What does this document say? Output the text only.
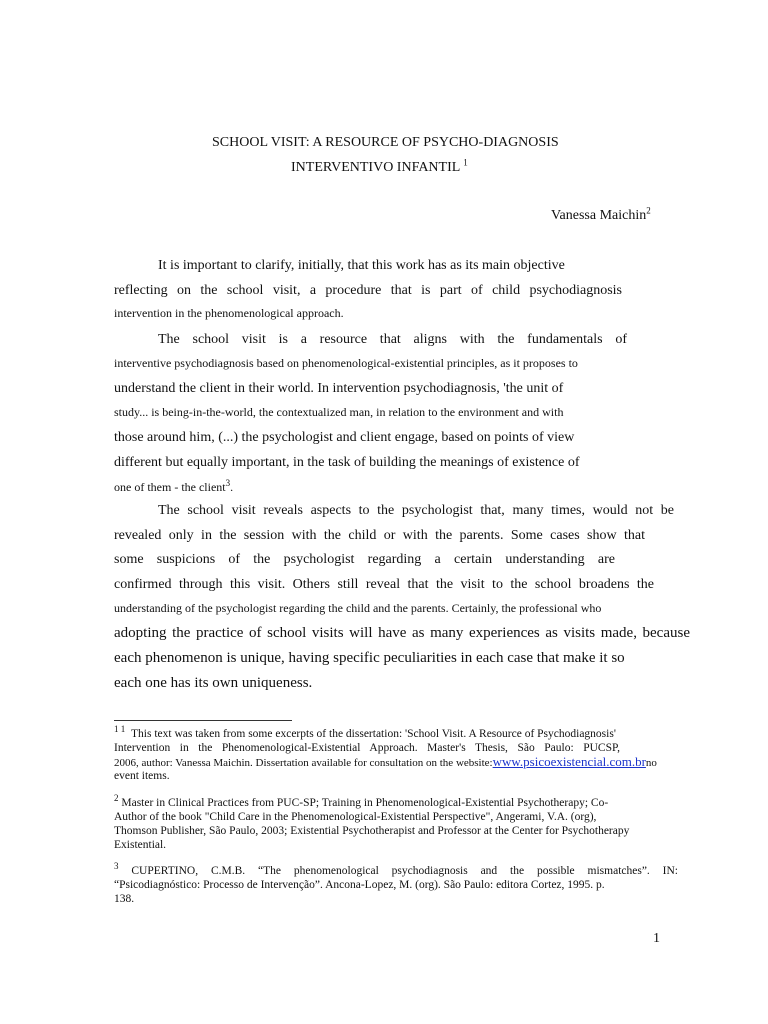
SCHOOL VISIT: A RESOURCE OF PSYCHO-DIAGNOSIS
INTERVENTIVO INFANTIL $^1$
Vanessa Maichin$^2$
It is important to clarify, initially, that this work has as its main objective
reflecting on the school visit, a procedure that is part of child psychodiagnosis
intervention in the phenomenological approach.
The school visit is a resource that aligns with the fundamentals of
interventive psychodiagnosis based on phenomenological-existential principles, as it proposes to
understand the client in their world. In intervention psychodiagnosis, 'the unit of
study... is being-in-the-world, the contextualized man, in relation to the environment and with
those around him, (...) the psychologist and client engage, based on points of view
different but equally important, in the task of building the meanings of existence of
one of them - the client$^3$.
The school visit reveals aspects to the psychologist that, many times, would not be
revealed only in the session with the child or with the parents. Some cases show that
some suspicions of the psychologist regarding a certain understanding are
confirmed through this visit. Others still reveal that the visit to the school broadens the
understanding of the psychologist regarding the child and the parents. Certainly, the professional who
adopting the practice of school visits will have as many experiences as visits made, because
each phenomenon is unique, having specific peculiarities in each case that make it so
each one has its own uniqueness.
$^{1 1}$ This text was taken from some excerpts of the dissertation: 'School Visit. A Resource of Psychodiagnosis'
Intervention in the Phenomenological-Existential Approach. Master's Thesis, São Paulo: PUCSP,
2006, author: Vanessa Maichin. Dissertation available for consultation on the website:www.psicoexistencial.com.brno
event items.
$^2$ Master in Clinical Practices from PUC-SP; Training in Phenomenological-Existential Psychotherapy; Co-
Author of the book "Child Care in the Phenomenological-Existential Perspective", Angerami, V.A. (org),
Thomson Publisher, São Paulo, 2003; Existential Psychotherapist and Professor at the Center for Psychotherapy
Existential.
$^3$ CUPERTINO, C.M.B. “The phenomenological psychodiagnosis and the possible mismatches”. IN:
“Psicodiagnóstico: Processo de Intervenção”. Ancona-Lopez, M. (org). São Paulo: editora Cortez, 1995. p.
138.
1
